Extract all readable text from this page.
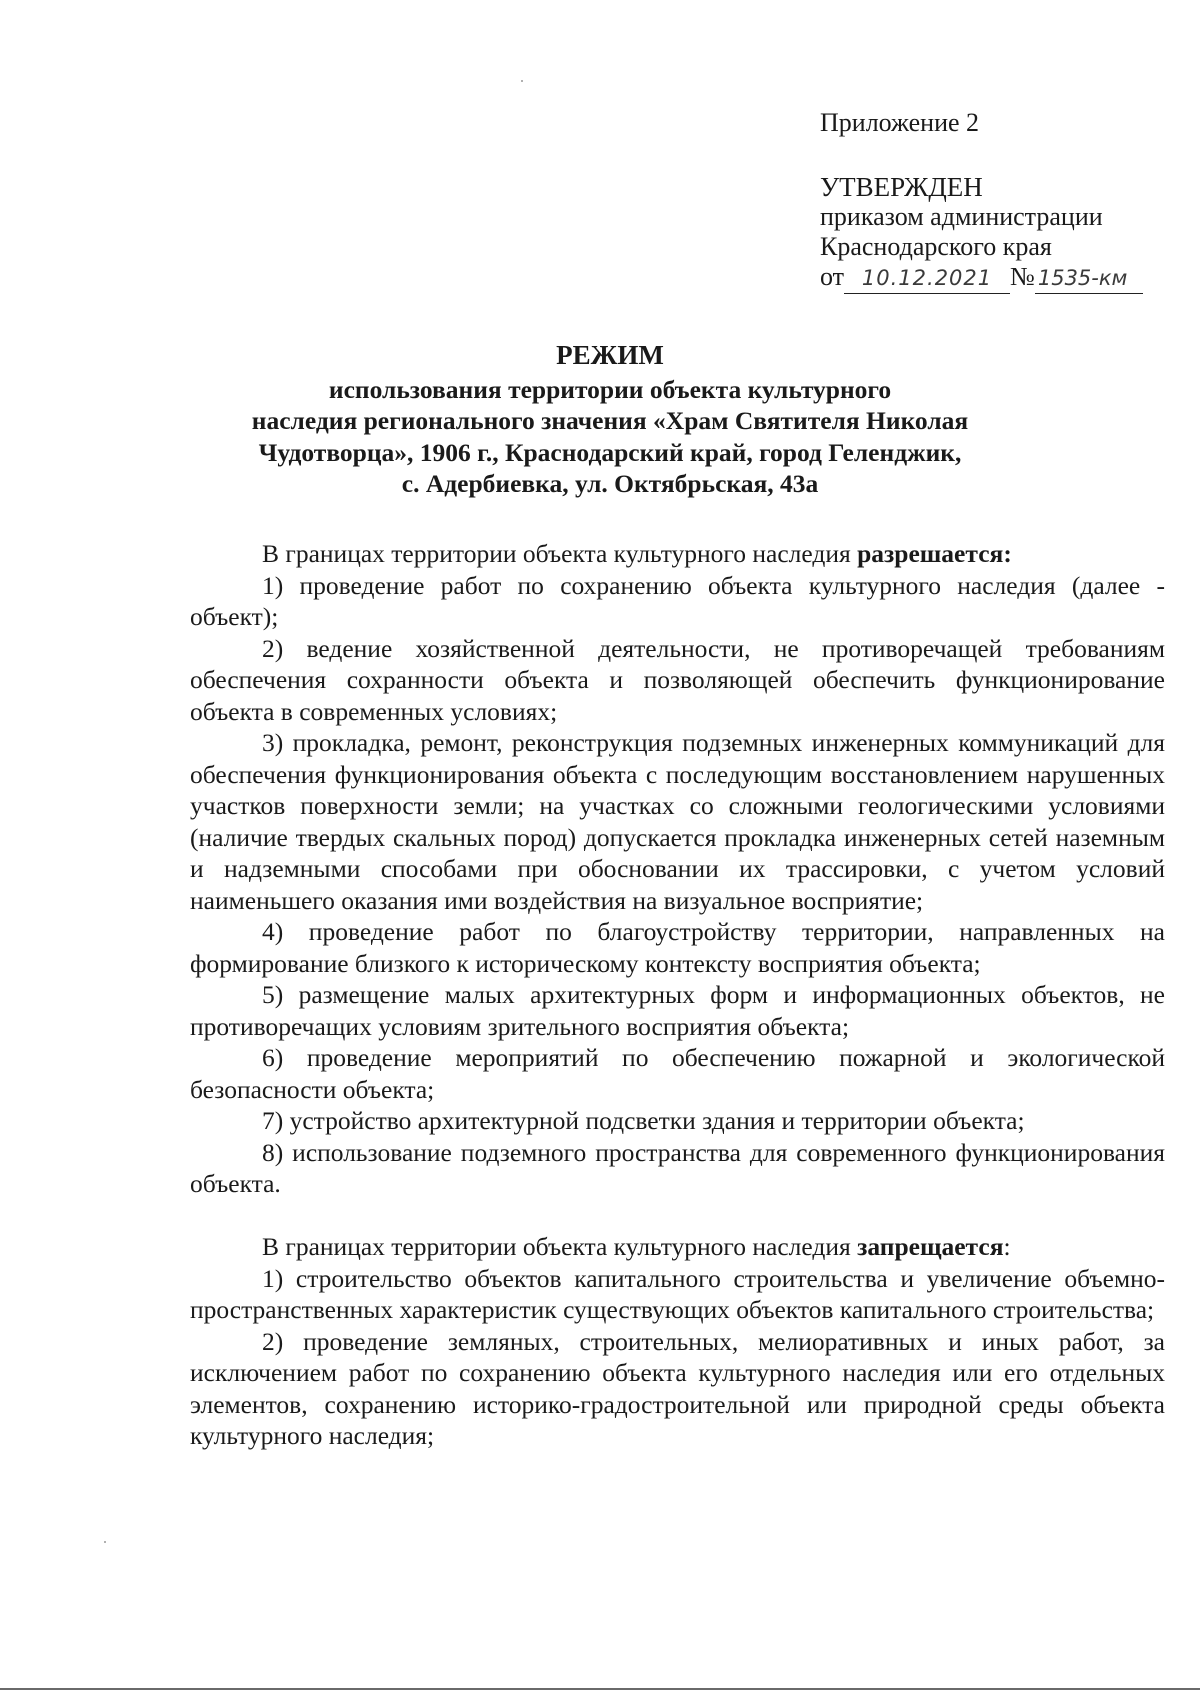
Приложение 2
УТВЕРЖДЕН
приказом администрации
Краснодарского края
от 10.12.2021 № 1535-км
РЕЖИМ
использования территории объекта культурного
наследия регионального значения «Храм Святителя Николая
Чудотворца», 1906 г., Краснодарский край, город Геленджик,
с. Адербиевка, ул. Октябрьская, 43а

В границах территории объекта культурного наследия разрешается:

1) проведение работ по сохранению объекта культурного наследия (далее - объект);

2) ведение хозяйственной деятельности, не противоречащей требованиям обеспечения сохранности объекта и позволяющей обеспечить функционирование объекта в современных условиях;

3) прокладка, ремонт, реконструкция подземных инженерных коммуникаций для обеспечения функционирования объекта с последующим восстановлением нарушенных участков поверхности земли; на участках со сложными геологическими условиями (наличие твердых скальных пород) допускается прокладка инженерных сетей наземным и надземными способами при обосновании их трассировки, с учетом условий наименьшего оказания ими воздействия на визуальное восприятие;

4) проведение работ по благоустройству территории, направленных на формирование близкого к историческому контексту восприятия объекта;

5) размещение малых архитектурных форм и информационных объектов, не противоречащих условиям зрительного восприятия объекта;

6) проведение мероприятий по обеспечению пожарной и экологической безопасности объекта;

7) устройство архитектурной подсветки здания и территории объекта;

8) использование подземного пространства для современного функционирования объекта.

В границах территории объекта культурного наследия запрещается:

1) строительство объектов капитального строительства и увеличение объемно-пространственных характеристик существующих объектов капитального строительства;

2) проведение земляных, строительных, мелиоративных и иных работ, за исключением работ по сохранению объекта культурного наследия или его отдельных элементов, сохранению историко-градостроительной или природной среды объекта культурного наследия;
